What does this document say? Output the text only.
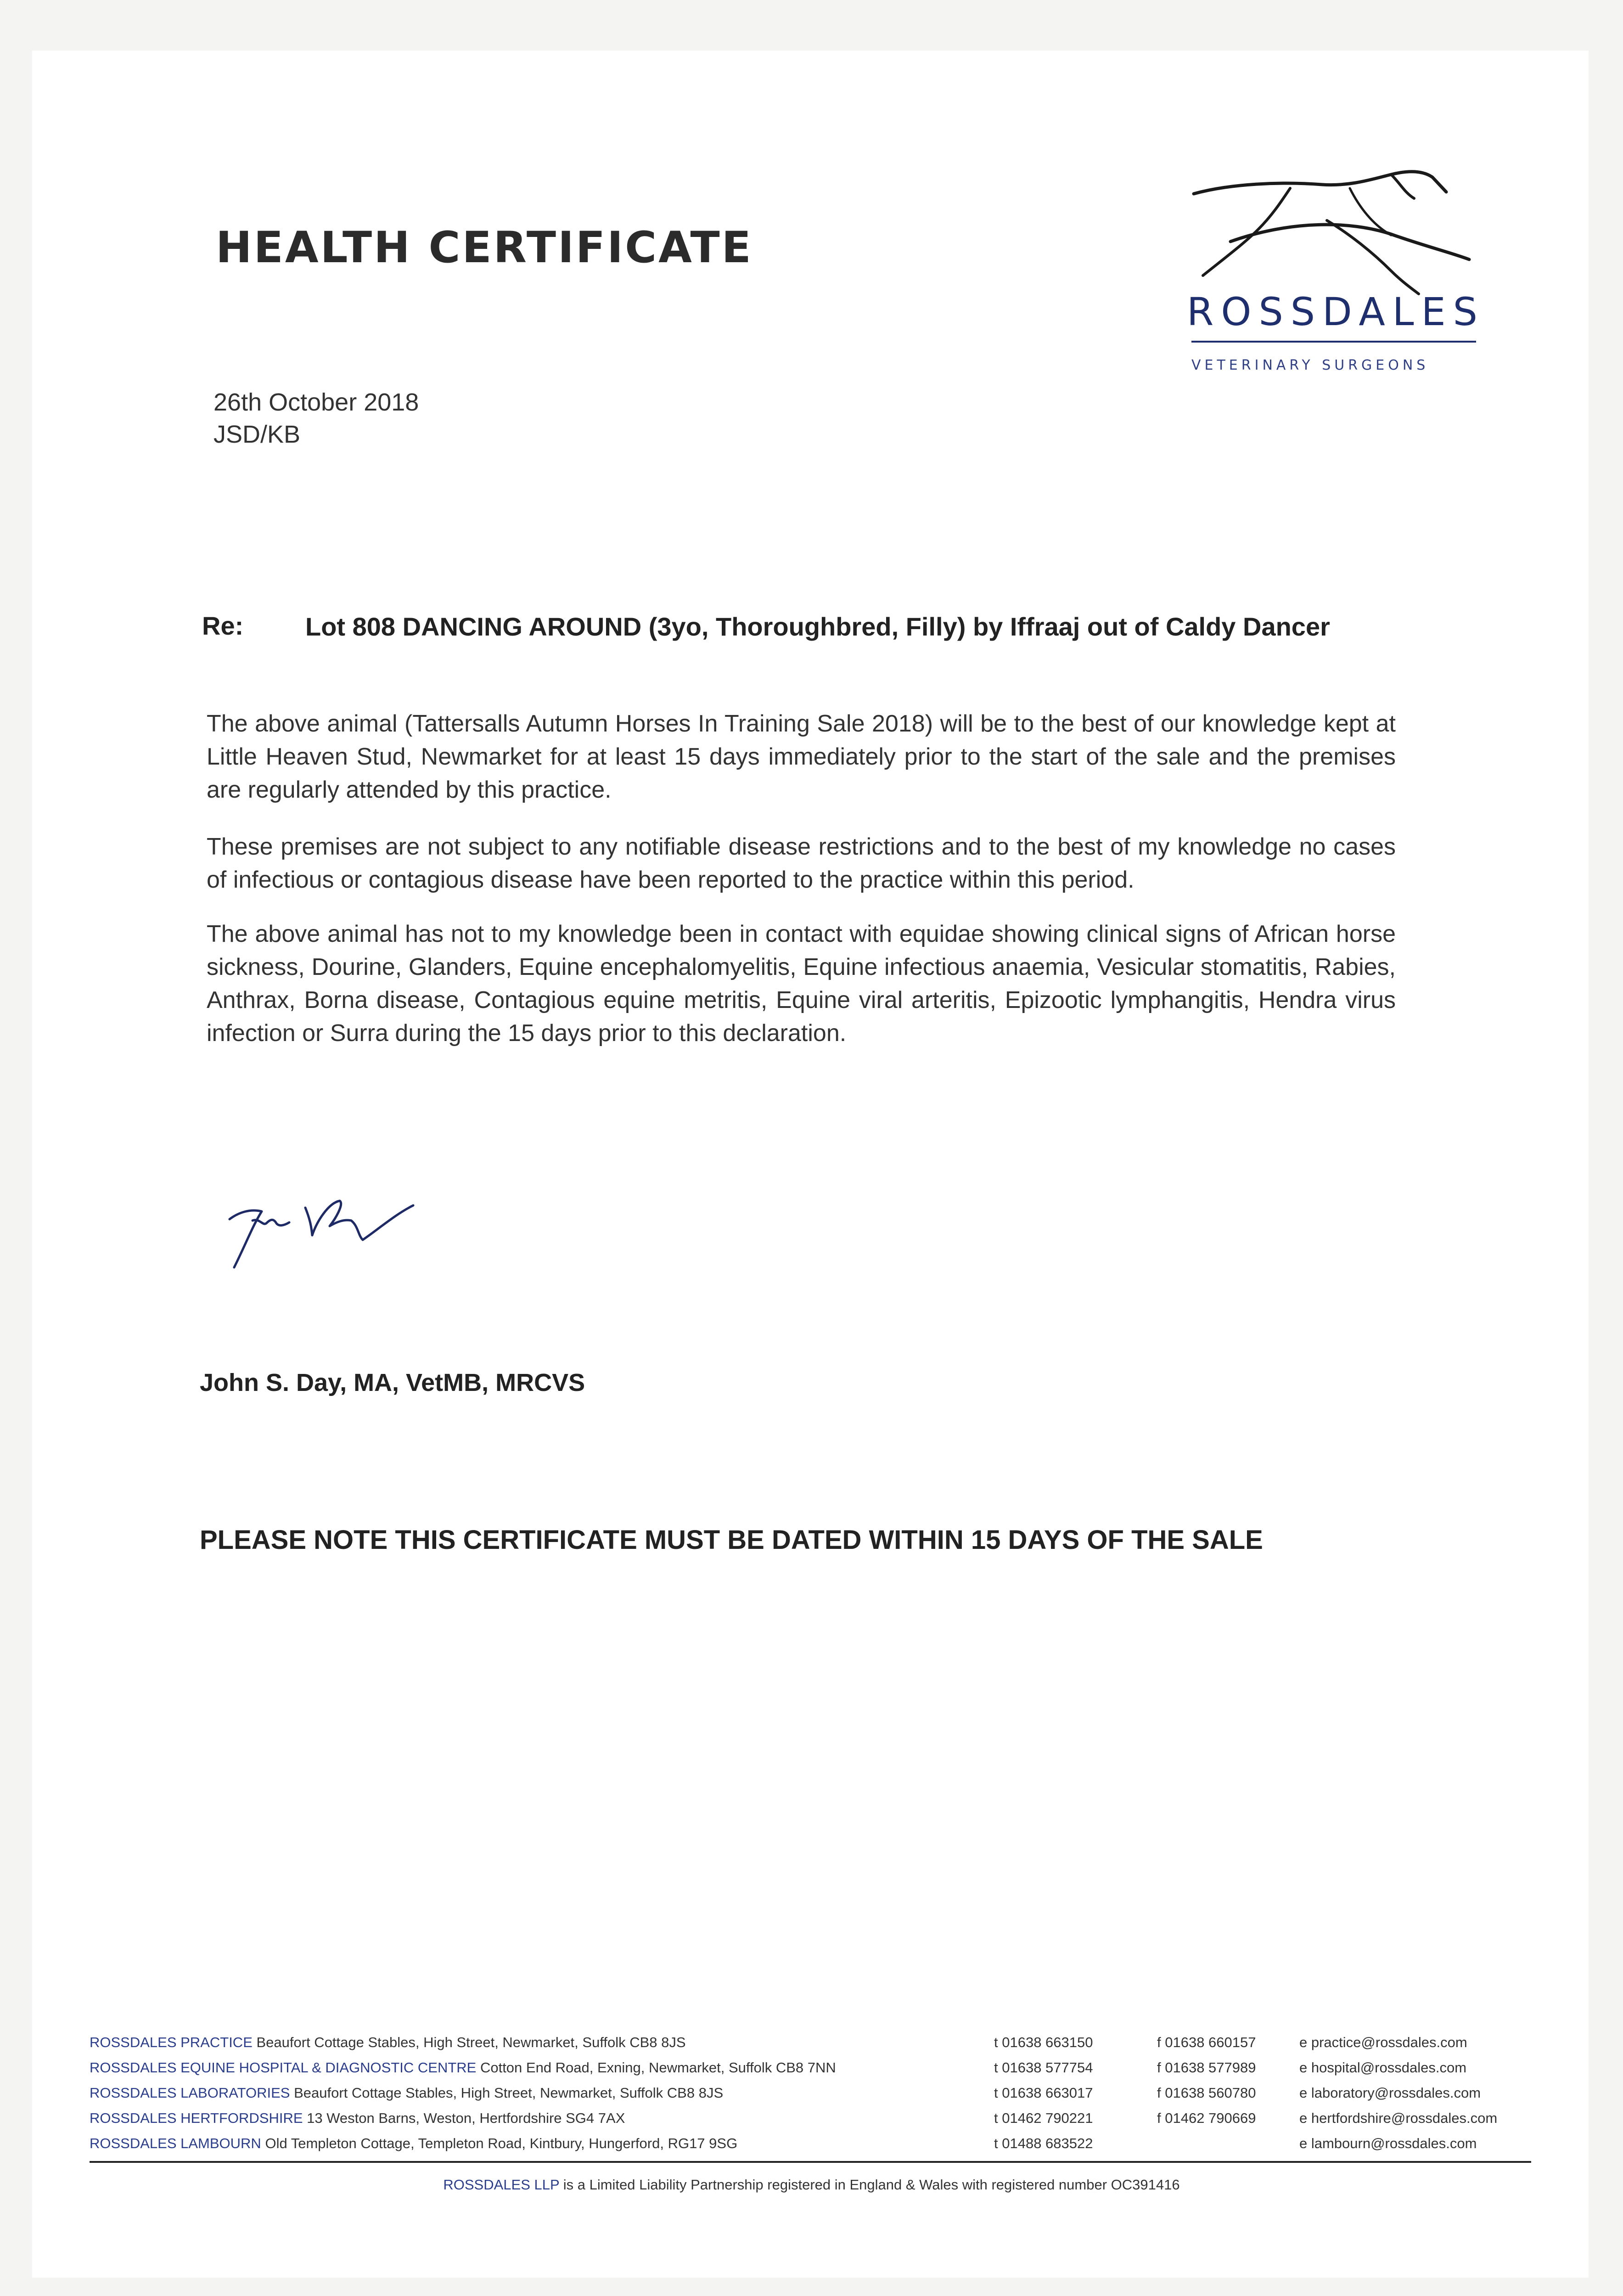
HEALTH CERTIFICATE
ROSSDALES
VETERINARY SURGEONS
26th October 2018
JSD/KB
Re: Lot 808 DANCING AROUND (3yo, Thoroughbred, Filly) by Iffraaj out of Caldy Dancer
The above animal (Tattersalls Autumn Horses In Training Sale 2018) will be to the best of our knowledge kept at Little Heaven Stud, Newmarket for at least 15 days immediately prior to the start of the sale and the premises are regularly attended by this practice.
These premises are not subject to any notifiable disease restrictions and to the best of my knowledge no cases of infectious or contagious disease have been reported to the practice within this period.
The above animal has not to my knowledge been in contact with equidae showing clinical signs of African horse sickness, Dourine, Glanders, Equine encephalomyelitis, Equine infectious anaemia, Vesicular stomatitis, Rabies, Anthrax, Borna disease, Contagious equine metritis, Equine viral arteritis, Epizootic lymphangitis, Hendra virus infection or Surra during the 15 days prior to this declaration.
John S. Day, MA, VetMB, MRCVS
PLEASE NOTE THIS CERTIFICATE MUST BE DATED WITHIN 15 DAYS OF THE SALE
ROSSDALES PRACTICE Beaufort Cottage Stables, High Street, Newmarket, Suffolk CB8 8JS	t 01638 663150	f 01638 660157	e practice@rossdales.com
ROSSDALES EQUINE HOSPITAL & DIAGNOSTIC CENTRE Cotton End Road, Exning, Newmarket, Suffolk CB8 7NN	t 01638 577754	f 01638 577989	e hospital@rossdales.com
ROSSDALES LABORATORIES Beaufort Cottage Stables, High Street, Newmarket, Suffolk CB8 8JS	t 01638 663017	f 01638 560780	e laboratory@rossdales.com
ROSSDALES HERTFORDSHIRE 13 Weston Barns, Weston, Hertfordshire SG4 7AX	t 01462 790221	f 01462 790669	e hertfordshire@rossdales.com
ROSSDALES LAMBOURN Old Templeton Cottage, Templeton Road, Kintbury, Hungerford, RG17 9SG	t 01488 683522	e lambourn@rossdales.com
ROSSDALES LLP is a Limited Liability Partnership registered in England & Wales with registered number OC391416
